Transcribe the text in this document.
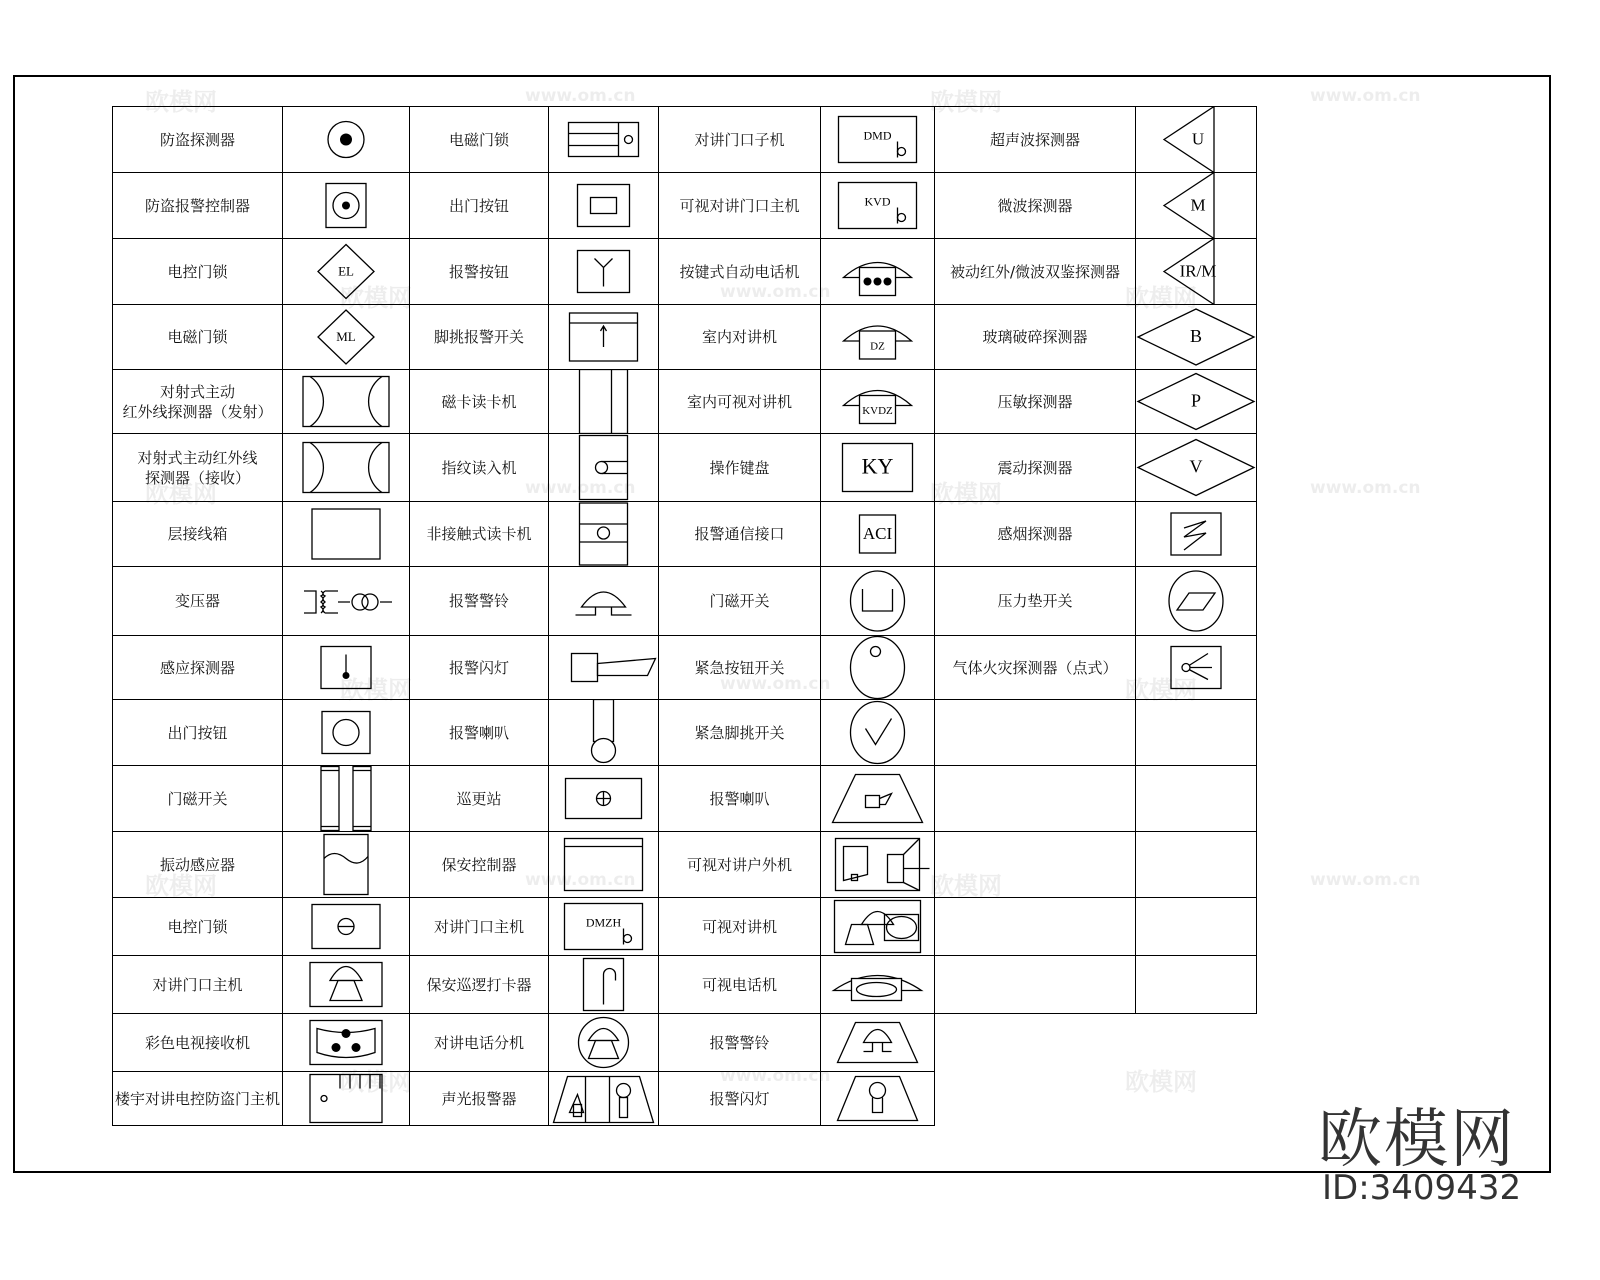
防盗探测器		电磁门锁		对讲门口子机	DMD	超声波探测器	U

防盗报警控制器		出门按钮		可视对讲门口主机	KVD	微波探测器	M

电控门锁	EL	报警按钮		按键式自动电话机		被动红外/微波双鉴探测器	IR/M

电磁门锁	ML	脚挑报警开关		室内对讲机	DZ	玻璃破碎探测器	B

对射式主动
红外线探测器（发射）		磁卡读卡机		室内可视对讲机	KVDZ	压敏探测器	P

对射式主动红外线
探测器（接收）		指纹读入机		操作键盘	KY	震动探测器	V

层接线箱		非接触式读卡机		报警通信接口	ACI	感烟探测器	

变压器		报警警铃		门磁开关		压力垫开关	

感应探测器		报警闪灯		紧急按钮开关		气体火灾探测器（点式）	

出门按钮		报警喇叭		紧急脚挑开关	

门磁开关		巡更站		报警喇叭	

振动感应器		保安控制器		可视对讲户外机	

电控门锁		对讲门口主机	DMZH	可视对讲机	

对讲门口主机		保安巡逻打卡器		可视电话机	

彩色电视接收机		对讲电话分机		报警警铃	

楼宇对讲电控防盗门主机		声光报警器		报警闪灯	

欧模网	www.om.cn	欧模网	www.om.cn
欧模网	www.om.cn	欧模网
欧模网	www.om.cn	欧模网	www.om.cn
欧模网	www.om.cn	欧模网
欧模网	www.om.cn	欧模网	www.om.cn
欧模网	www.om.cn	欧模网
欧模网
ID:3409432
